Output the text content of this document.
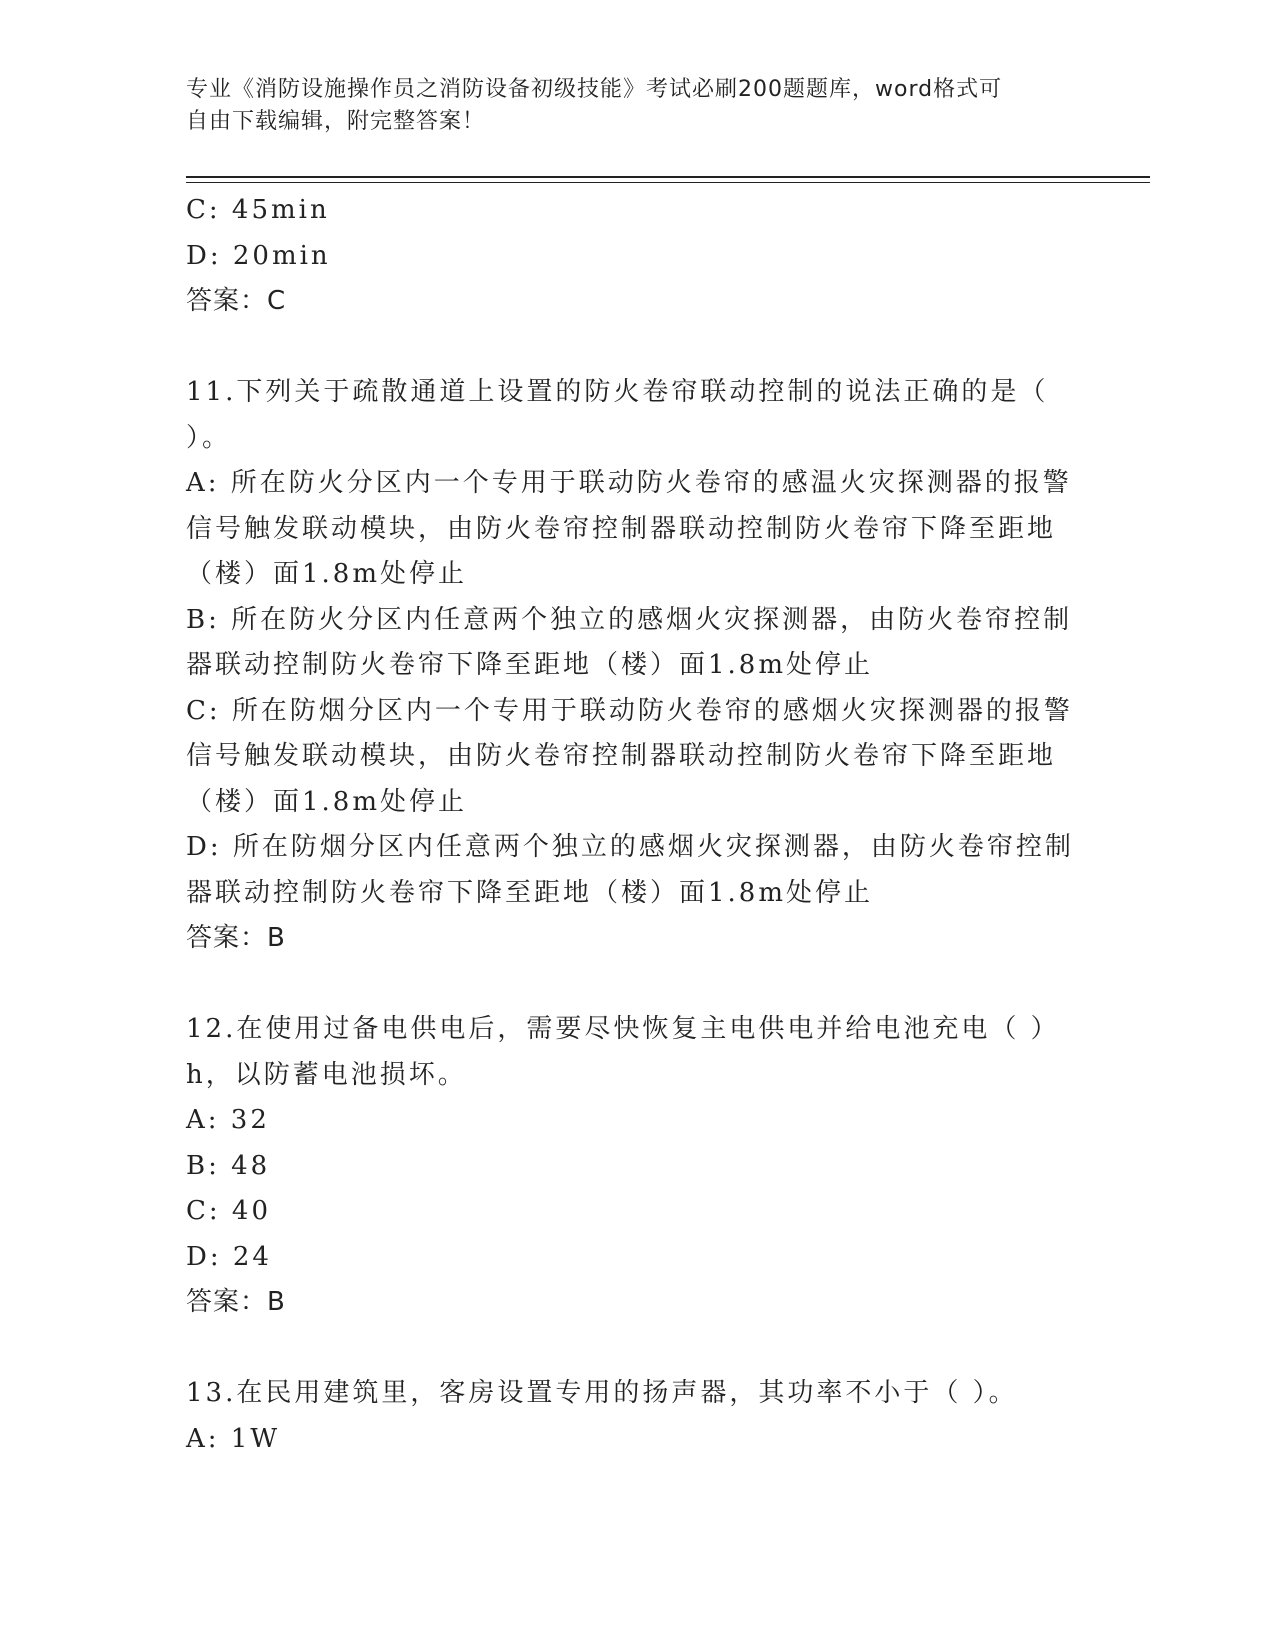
专业《消防设施操作员之消防设备初级技能》考试必刷200题题库，word格式可
自由下载编辑，附完整答案！
C: 45min
D: 20min
答案：C
11.下列关于疏散通道上设置的防火卷帘联动控制的说法正确的是（
）。
A: 所在防火分区内一个专用于联动防火卷帘的感温火灾探测器的报警
信号触发联动模块，由防火卷帘控制器联动控制防火卷帘下降至距地
（楼）面1.8m处停止
B: 所在防火分区内任意两个独立的感烟火灾探测器，由防火卷帘控制
器联动控制防火卷帘下降至距地（楼）面1.8m处停止
C: 所在防烟分区内一个专用于联动防火卷帘的感烟火灾探测器的报警
信号触发联动模块，由防火卷帘控制器联动控制防火卷帘下降至距地
（楼）面1.8m处停止
D: 所在防烟分区内任意两个独立的感烟火灾探测器，由防火卷帘控制
器联动控制防火卷帘下降至距地（楼）面1.8m处停止
答案：B
12.在使用过备电供电后，需要尽快恢复主电供电并给电池充电（ ）
h，以防蓄电池损坏。
A: 32
B: 48
C: 40
D: 24
答案：B
13.在民用建筑里，客房设置专用的扬声器，其功率不小于（ ）。
A: 1W
